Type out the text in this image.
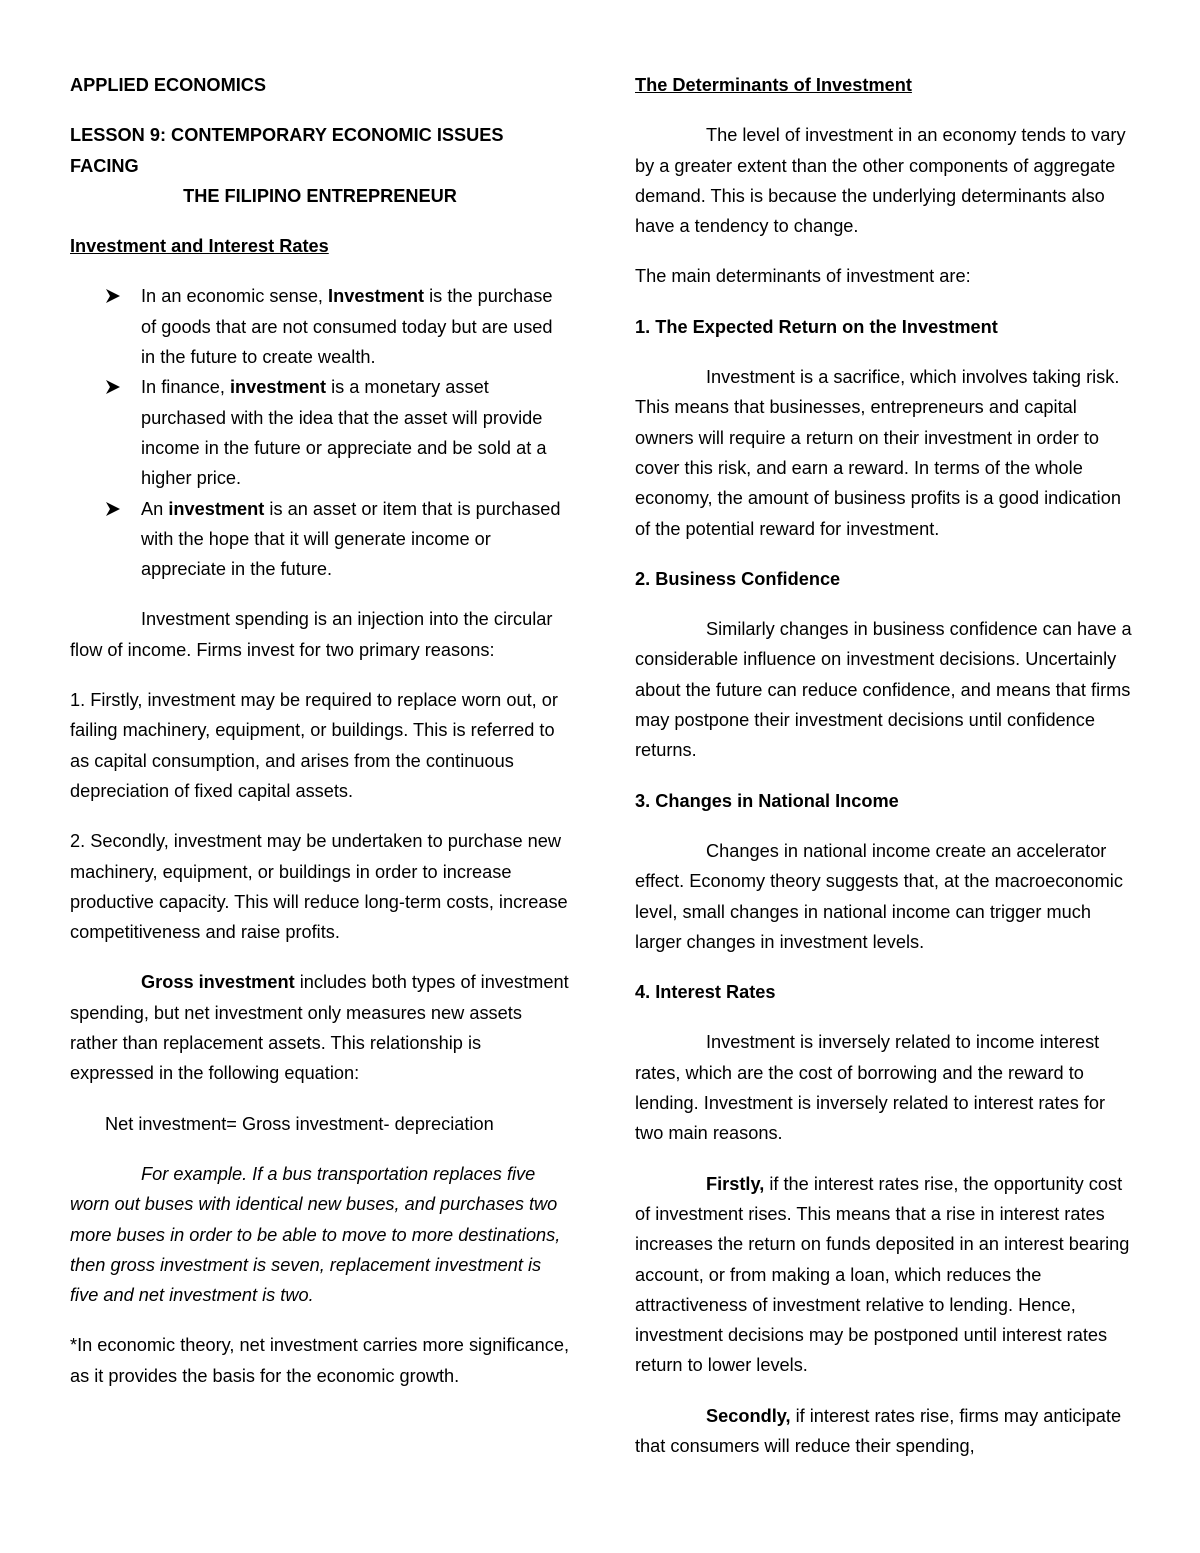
APPLIED ECONOMICS

LESSON 9: CONTEMPORARY ECONOMIC ISSUES FACING

THE FILIPINO ENTREPRENEUR

Investment and Interest Rates

In an economic sense, Investment is the purchase of goods that are not consumed today but are used in the future to create wealth.
In finance, investment is a monetary asset purchased with the idea that the asset will provide income in the future or appreciate and be sold at a higher price.
An investment is an asset or item that is purchased with the hope that it will generate income or appreciate in the future.

Investment spending is an injection into the circular flow of income. Firms invest for two primary reasons:

1. Firstly, investment may be required to replace worn out, or failing machinery, equipment, or buildings. This is referred to as capital consumption, and arises from the continuous depreciation of fixed capital assets.

2. Secondly, investment may be undertaken to purchase new machinery, equipment, or buildings in order to increase productive capacity. This will reduce long-term costs, increase competitiveness and raise profits.

Gross investment includes both types of investment spending, but net investment only measures new assets rather than replacement assets. This relationship is expressed in the following equation:

Net investment= Gross investment- depreciation

For example. If a bus transportation replaces five worn out buses with identical new buses, and purchases two more buses in order to be able to move to more destinations, then gross investment is seven, replacement investment is five and net investment is two.

*In economic theory, net investment carries more significance, as it provides the basis for the economic growth.

The Determinants of Investment

The level of investment in an economy tends to vary by a greater extent than the other components of aggregate demand. This is because the underlying determinants also have a tendency to change.

The main determinants of investment are:

1. The Expected Return on the Investment

Investment is a sacrifice, which involves taking risk. This means that businesses, entrepreneurs and capital owners will require a return on their investment in order to cover this risk, and earn a reward. In terms of the whole economy, the amount of business profits is a good indication of the potential reward for investment.

2. Business Confidence

Similarly changes in business confidence can have a considerable influence on investment decisions. Uncertainly about the future can reduce confidence, and means that firms may postpone their investment decisions until confidence returns.

3. Changes in National Income

Changes in national income create an accelerator effect. Economy theory suggests that, at the macroeconomic level, small changes in national income can trigger much larger changes in investment levels.

4. Interest Rates

Investment is inversely related to income interest rates, which are the cost of borrowing and the reward to lending. Investment is inversely related to interest rates for two main reasons.

Firstly, if the interest rates rise, the opportunity cost of investment rises. This means that a rise in interest rates increases the return on funds deposited in an interest bearing account, or from making a loan, which reduces the attractiveness of investment relative to lending. Hence, investment decisions may be postponed until interest rates return to lower levels.

Secondly, if interest rates rise, firms may anticipate that consumers will reduce their spending,
